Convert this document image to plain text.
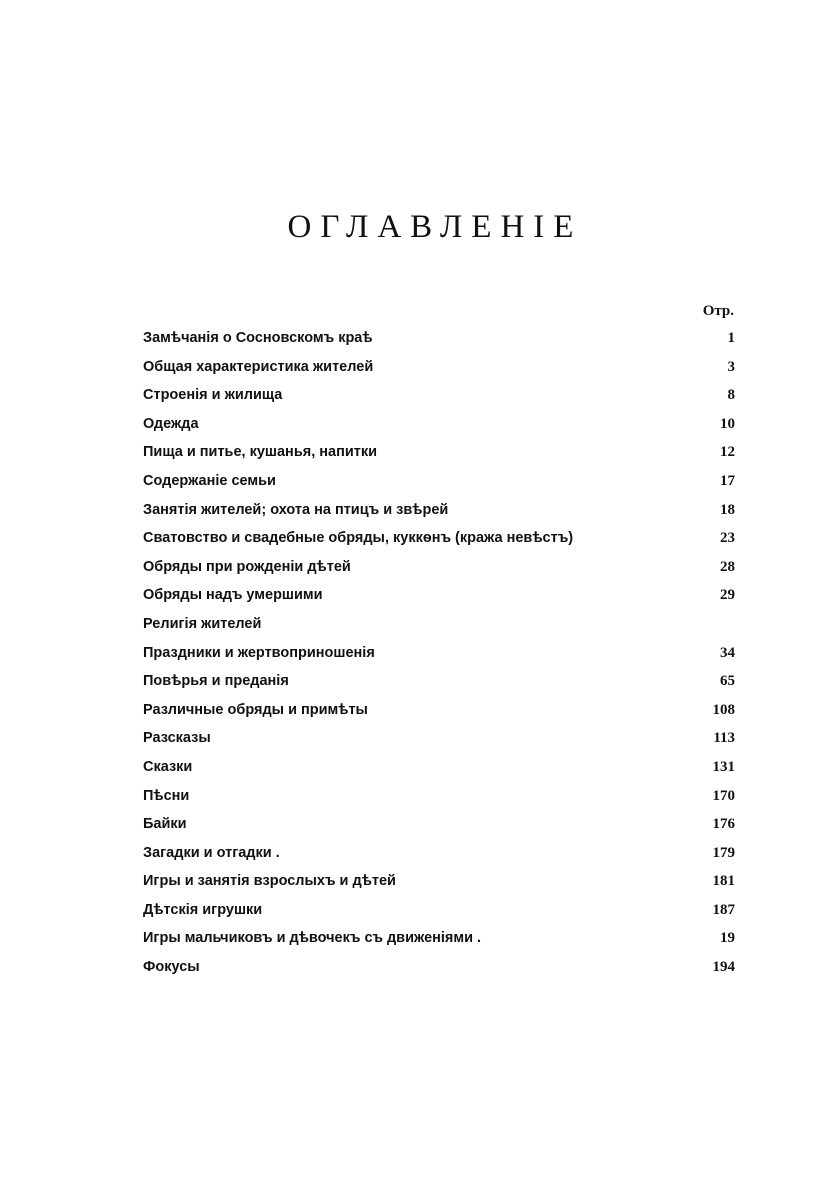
ОГЛАВЛЕНІЕ
Отр.
Замѣчанія о Сосновскомъ краѣ	1
Общая характеристика жителей	3
Строенія и жилища	8
Одежда	10
Пища и питье, кушанья, напитки	12
Содержаніе семьи	17
Занятія жителей; охота на птицъ и звѣрей	18
Сватовство и свадебные обряды, куккѳнъ (кража невѣстъ)	23
Обряды при рожденіи дѣтей	28
Обряды надъ умершими	29
Религія жителей
Праздники и жертвоприношенія	34
Повѣрья и преданія	65
Различные обряды и примѣты	108
Разсказы	113
Сказки	131
Пѣсни	170
Байки	176
Загадки и отгадки .	179
Игры и занятія взрослыхъ и дѣтей	181
Дѣтскія игрушки	187
Игры мальчиковъ и дѣвочекъ съ движеніями .	19
Фокусы	194
